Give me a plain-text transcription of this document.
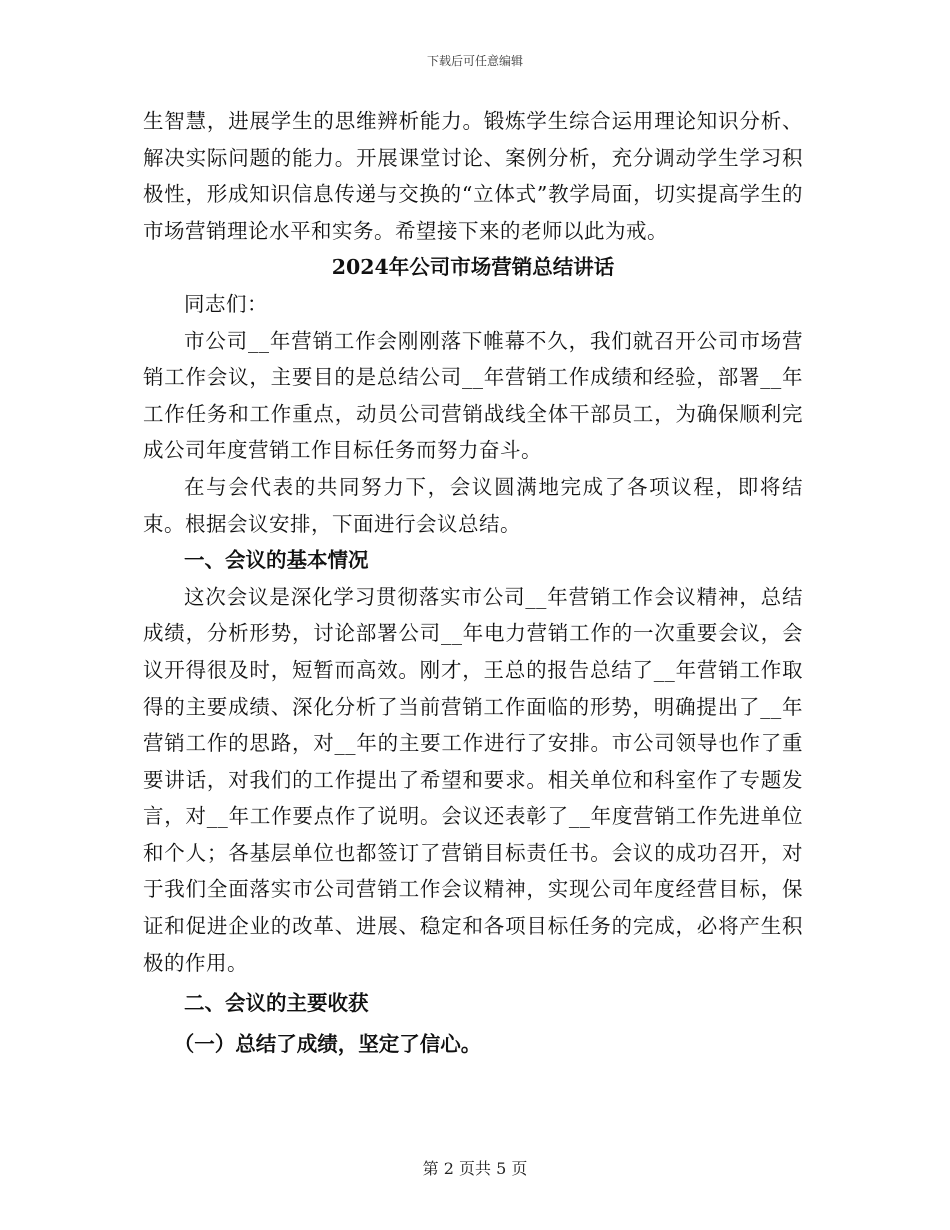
下载后可任意编辑

生智慧，进展学生的思维辨析能力。锻炼学生综合运用理论知识分析、解决实际问题的能力。开展课堂讨论、案例分析，充分调动学生学习积极性，形成知识信息传递与交换的“立体式”教学局面，切实提高学生的市场营销理论水平和实务。希望接下来的老师以此为戒。

2024年公司市场营销总结讲话

同志们：

市公司__年营销工作会刚刚落下帷幕不久，我们就召开公司市场营销工作会议，主要目的是总结公司__年营销工作成绩和经验，部署__年工作任务和工作重点，动员公司营销战线全体干部员工，为确保顺利完成公司年度营销工作目标任务而努力奋斗。

在与会代表的共同努力下，会议圆满地完成了各项议程，即将结束。根据会议安排，下面进行会议总结。

一、会议的基本情况

这次会议是深化学习贯彻落实市公司__年营销工作会议精神，总结成绩，分析形势，讨论部署公司__年电力营销工作的一次重要会议，会议开得很及时，短暂而高效。刚才，王总的报告总结了__年营销工作取得的主要成绩、深化分析了当前营销工作面临的形势，明确提出了__年营销工作的思路，对__年的主要工作进行了安排。市公司领导也作了重要讲话，对我们的工作提出了希望和要求。相关单位和科室作了专题发言，对__年工作要点作了说明。会议还表彰了__年度营销工作先进单位和个人；各基层单位也都签订了营销目标责任书。会议的成功召开，对于我们全面落实市公司营销工作会议精神，实现公司年度经营目标，保证和促进企业的改革、进展、稳定和各项目标任务的完成，必将产生积极的作用。

二、会议的主要收获

（一）总结了成绩，坚定了信心。

第 2 页共 5 页
